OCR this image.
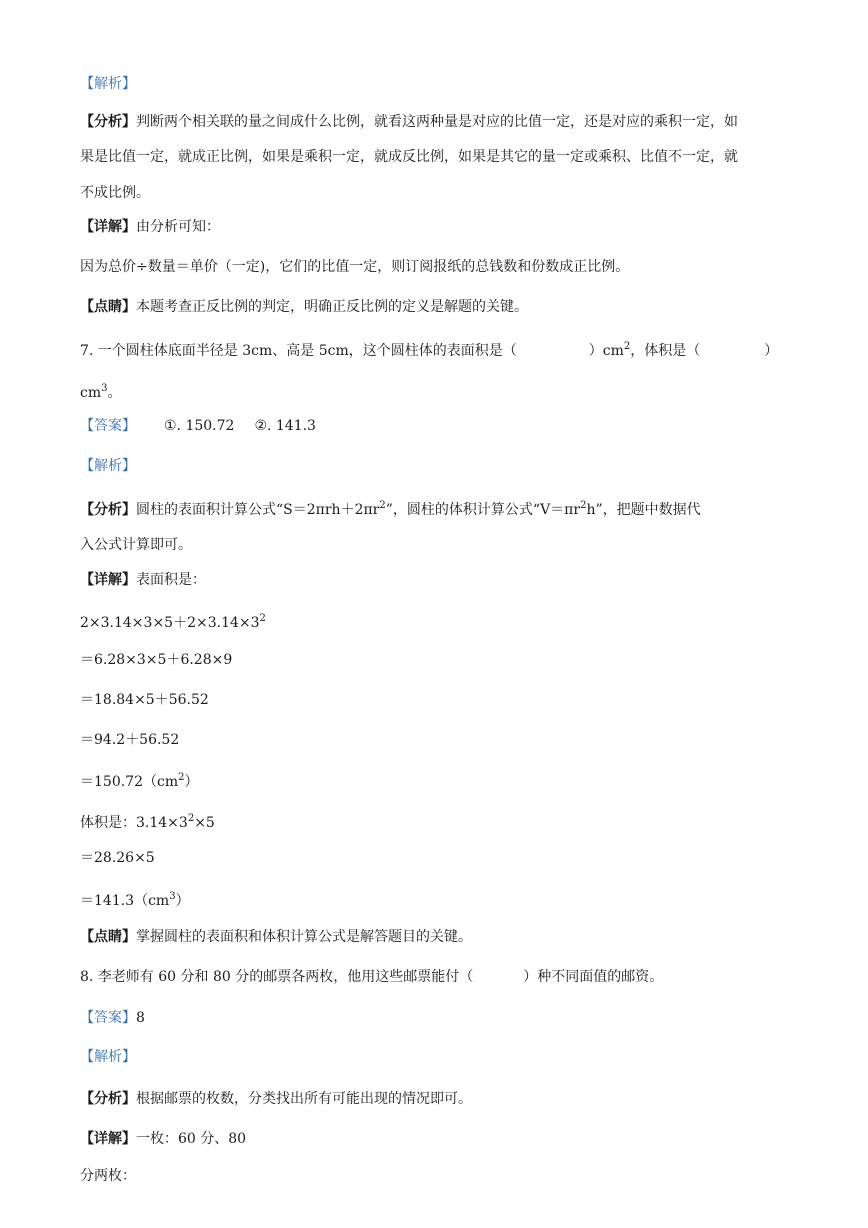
【解析】
【分析】判断两个相关联的量之间成什么比例，就看这两种量是对应的比值一定，还是对应的乘积一定，如
果是比值一定，就成正比例，如果是乘积一定，就成反比例，如果是其它的量一定或乘积、比值不一定，就
不成比例。
【详解】由分析可知：
因为总价÷数量＝单价（一定)，它们的比值一定，则订阅报纸的总钱数和份数成正比例。
【点睛】本题考查正反比例的判定，明确正反比例的定义是解题的关键。
7. 一个圆柱体底面半径是 3cm、高是 5cm，这个圆柱体的表面积是（	）$cm^2$，体积是（	）
$cm^3$。
【答案】 ①. 150.72 ②. 141.3
【解析】
【分析】圆柱的表面积计算公式“$S=2\pi rh+2\pi r^2$”，圆柱的体积计算公式“$V=\pi r^2h$”，把题中数据代
入公式计算即可。
【详解】表面积是：
$2\times 3.14\times 3\times 5+2\times 3.14\times 3^2$
＝6.28×3×5＋6.28×9
＝18.84×5＋56.52
＝94.2＋56.52
$=150.72(cm^2)$
体积是：$3.14\times 3^2\times 5$
＝28.26×5
$=141.3(cm^3)$
【点睛】掌握圆柱的表面积和体积计算公式是解答题目的关键。
8. 李老师有 60 分和 80 分的邮票各两枚，他用这些邮票能付（	）种不同面值的邮资。
【答案】8
【解析】
【分析】根据邮票的枚数，分类找出所有可能出现的情况即可。
【详解】一枚：60 分、80
分两枚：
